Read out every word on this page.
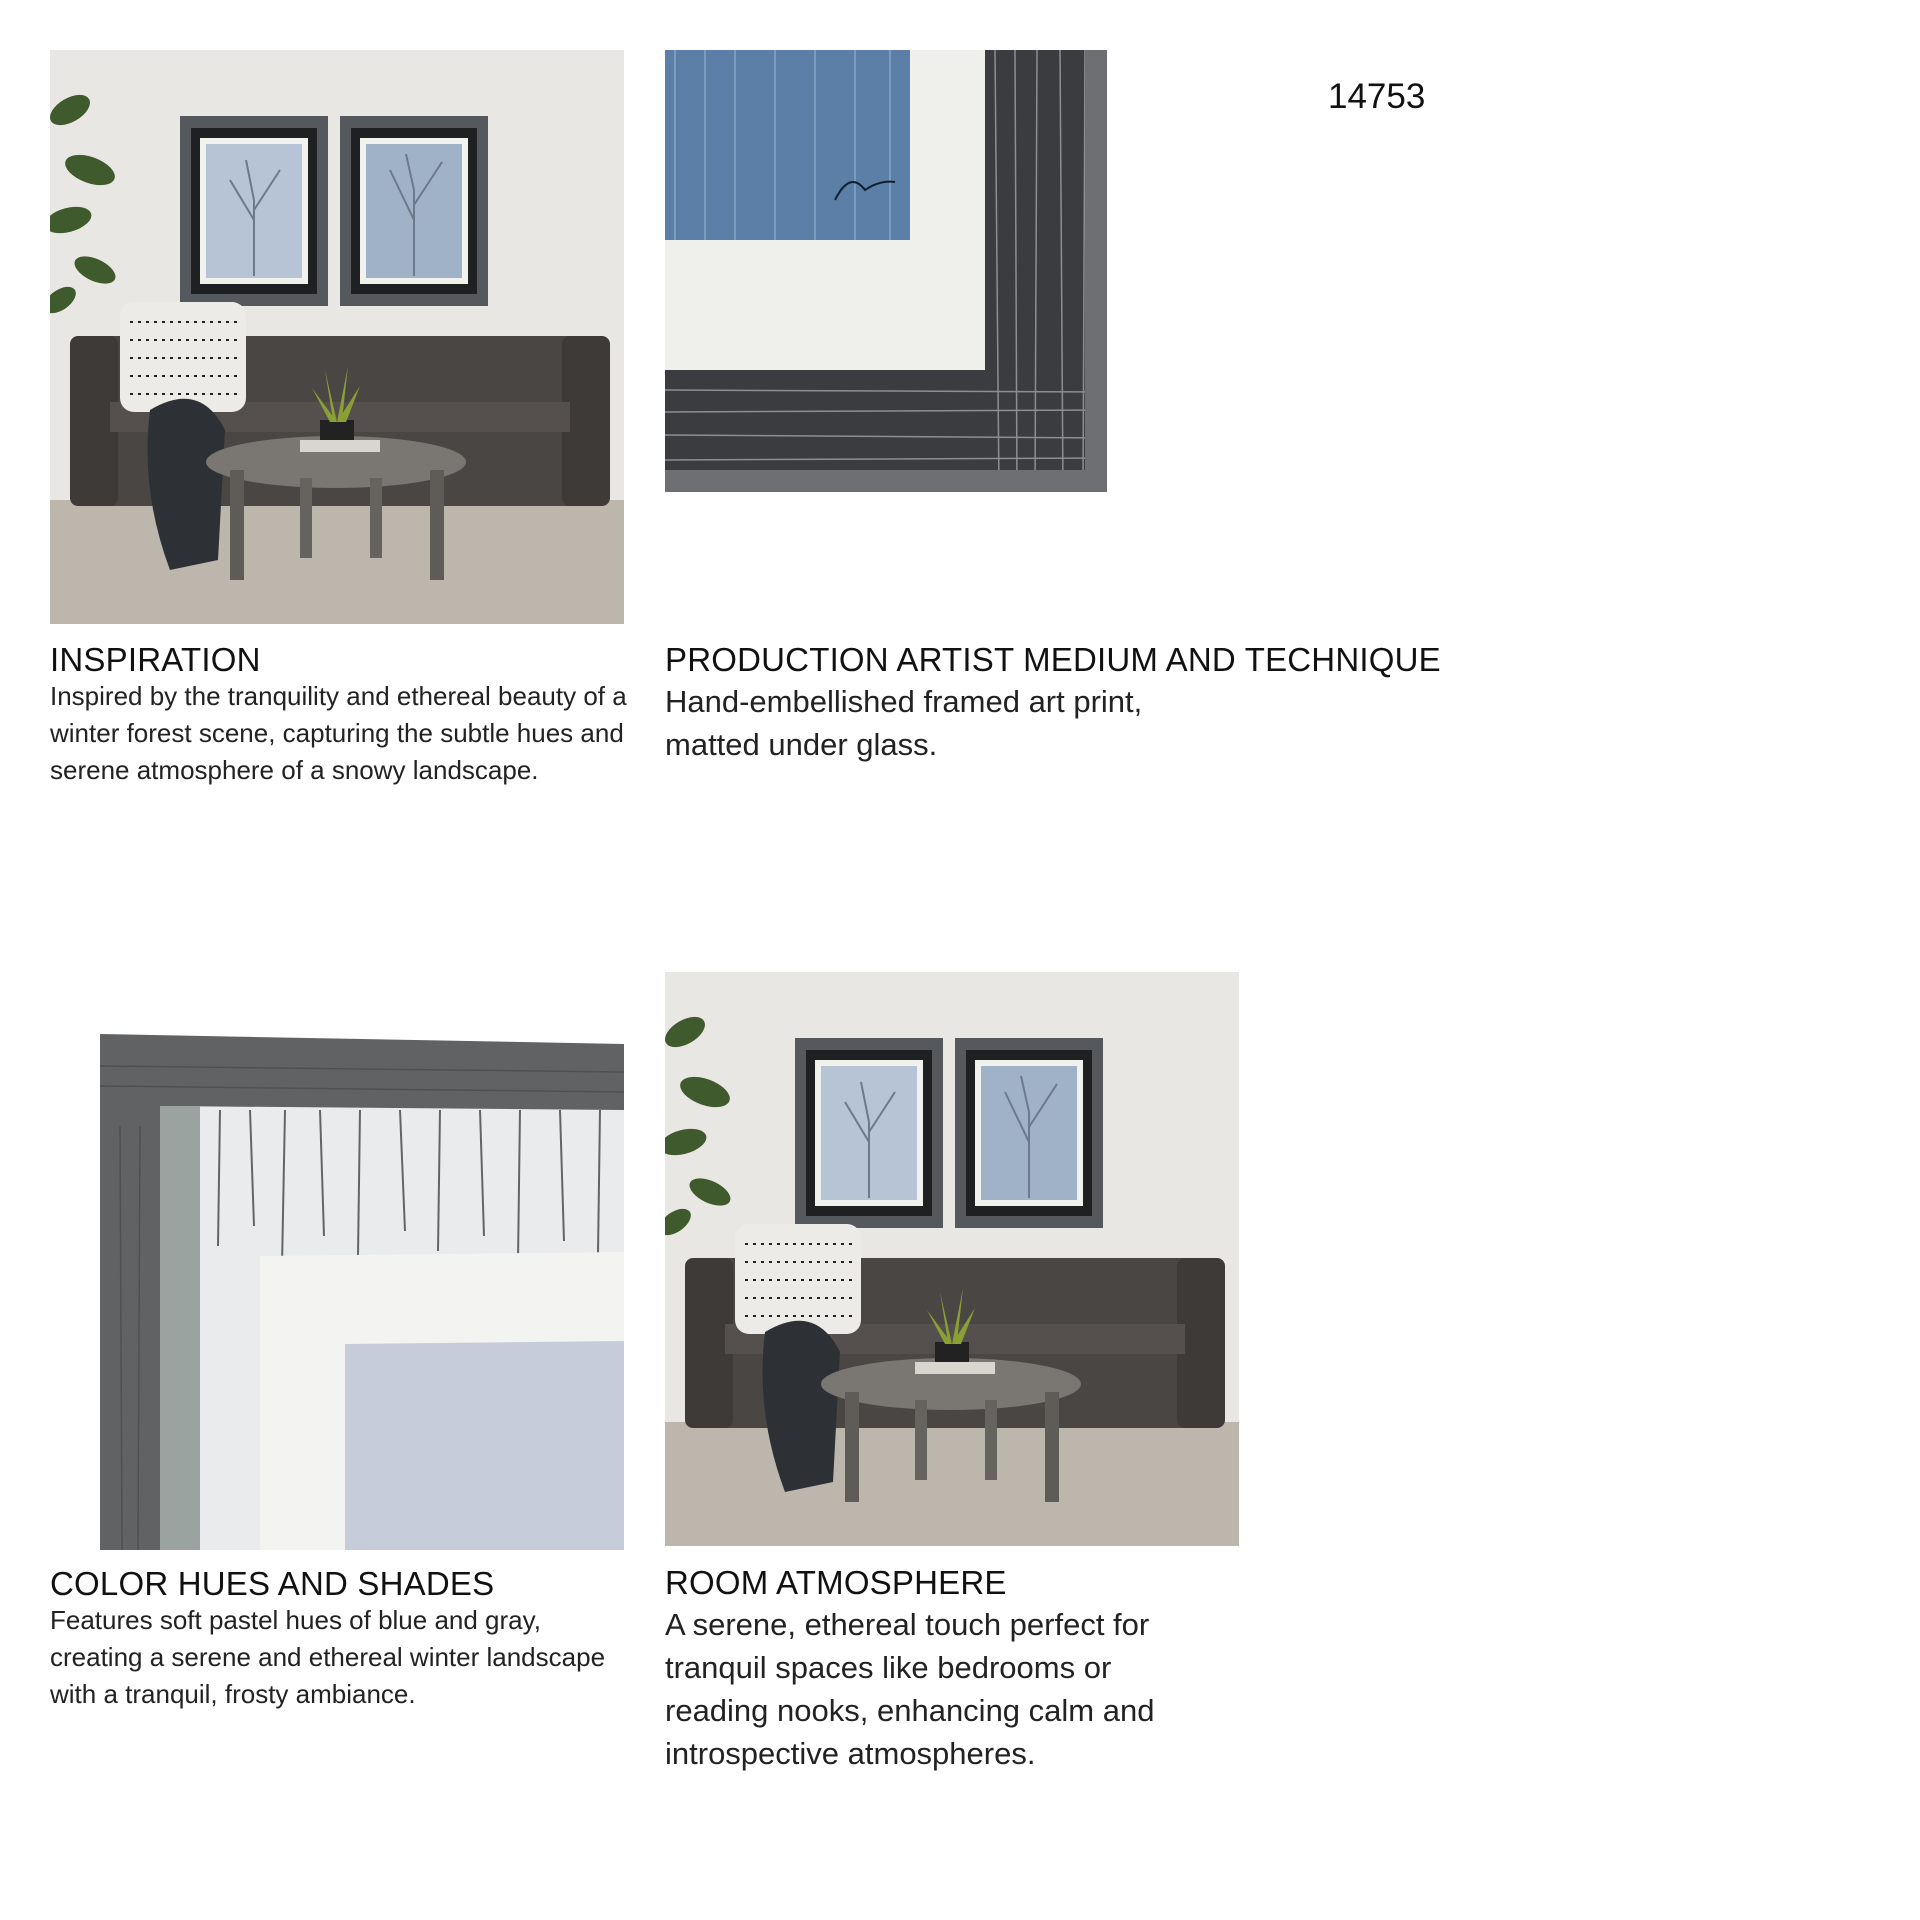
14753
INSPIRATION
Inspired by the tranquility and ethereal beauty of a winter forest scene, capturing the subtle hues and serene atmosphere of a snowy landscape.
PRODUCTION ARTIST MEDIUM AND TECHNIQUE
Hand-embellished framed art print, matted under glass.
COLOR HUES AND SHADES
Features soft pastel hues of blue and gray, creating a serene and ethereal winter landscape with a tranquil, frosty ambiance.
ROOM ATMOSPHERE
A serene, ethereal touch perfect for tranquil spaces like bedrooms or reading nooks, enhancing calm and introspective atmospheres.
